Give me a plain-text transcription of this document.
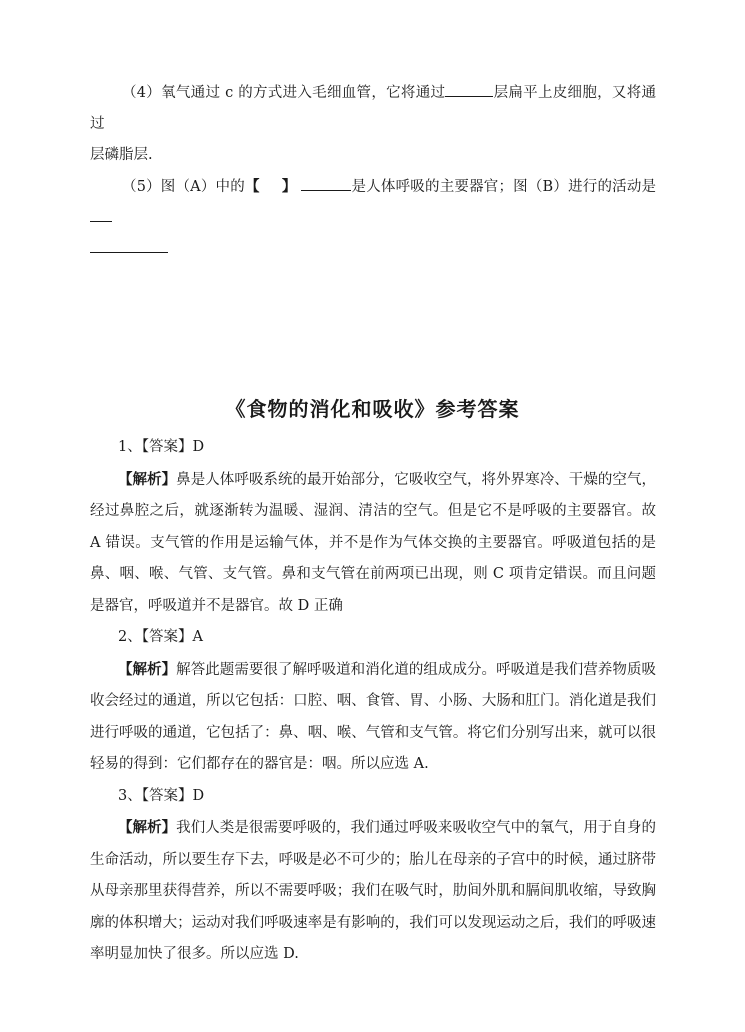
（4）氧气通过 c 的方式进入毛细血管，它将通过	层扁平上皮细胞，又将通过
层磷脂层.

（5）图（A）中的【 】	是人体呼吸的主要器官；图（B）进行的活动是

《食物的消化和吸收》参考答案

1、【答案】D

【解析】鼻是人体呼吸系统的最开始部分，它吸收空气，将外界寒冷、干燥的空气，经过鼻腔之后，就逐渐转为温暖、湿润、清洁的空气。但是它不是呼吸的主要器官。故 A 错误。支气管的作用是运输气体，并不是作为气体交换的主要器官。呼吸道包括的是鼻、咽、喉、气管、支气管。鼻和支气管在前两项已出现，则 C 项肯定错误。而且问题是器官，呼吸道并不是器官。故 D 正确

2、【答案】A

【解析】解答此题需要很了解呼吸道和消化道的组成成分。呼吸道是我们营养物质吸收会经过的通道，所以它包括：口腔、咽、食管、胃、小肠、大肠和肛门。消化道是我们进行呼吸的通道，它包括了：鼻、咽、喉、气管和支气管。将它们分别写出来，就可以很轻易的得到：它们都存在的器官是：咽。所以应选 A.

3、【答案】D

【解析】我们人类是很需要呼吸的，我们通过呼吸来吸收空气中的氧气，用于自身的生命活动，所以要生存下去，呼吸是必不可少的；胎儿在母亲的子宫中的时候，通过脐带从母亲那里获得营养，所以不需要呼吸；我们在吸气时，肋间外肌和膈间肌收缩，导致胸廓的体积增大；运动对我们呼吸速率是有影响的，我们可以发现运动之后，我们的呼吸速率明显加快了很多。所以应选 D.
